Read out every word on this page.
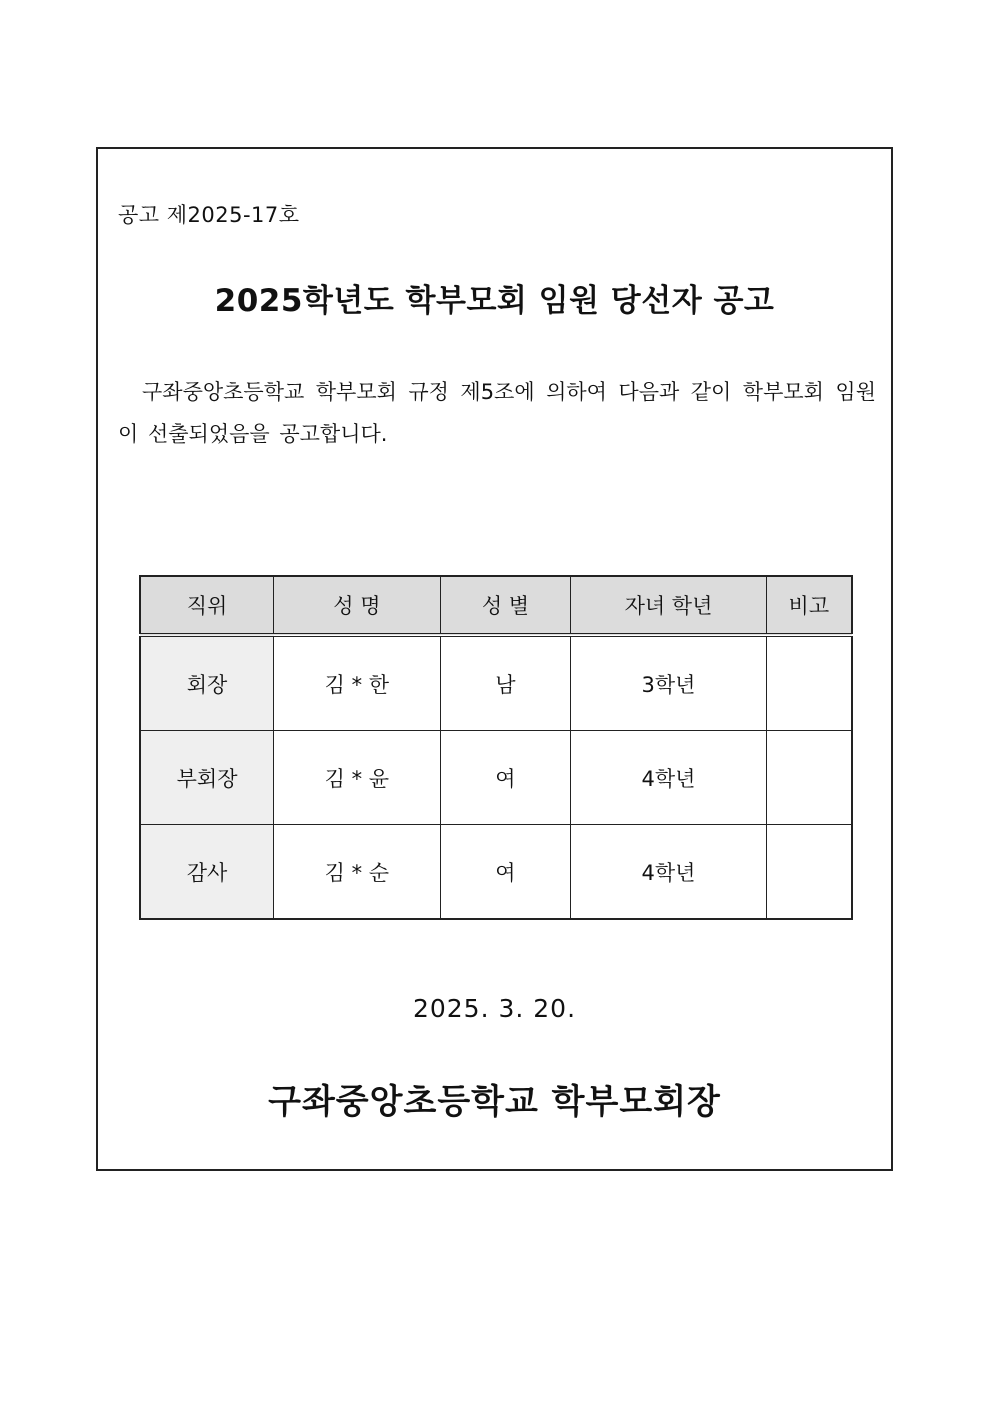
공고 제2025-17호
2025학년도 학부모회 임원 당선자 공고
구좌중앙초등학교 학부모회 규정 제5조에 의하여 다음과 같이 학부모회 임원이 선출되었음을 공고합니다.
직위	성 명	성 별	자녀 학년	비고
회장	김 * 한	남	3학년	
부회장	김 * 윤	여	4학년	
감사	김 * 순	여	4학년	
2025. 3. 20.
구좌중앙초등학교 학부모회장
